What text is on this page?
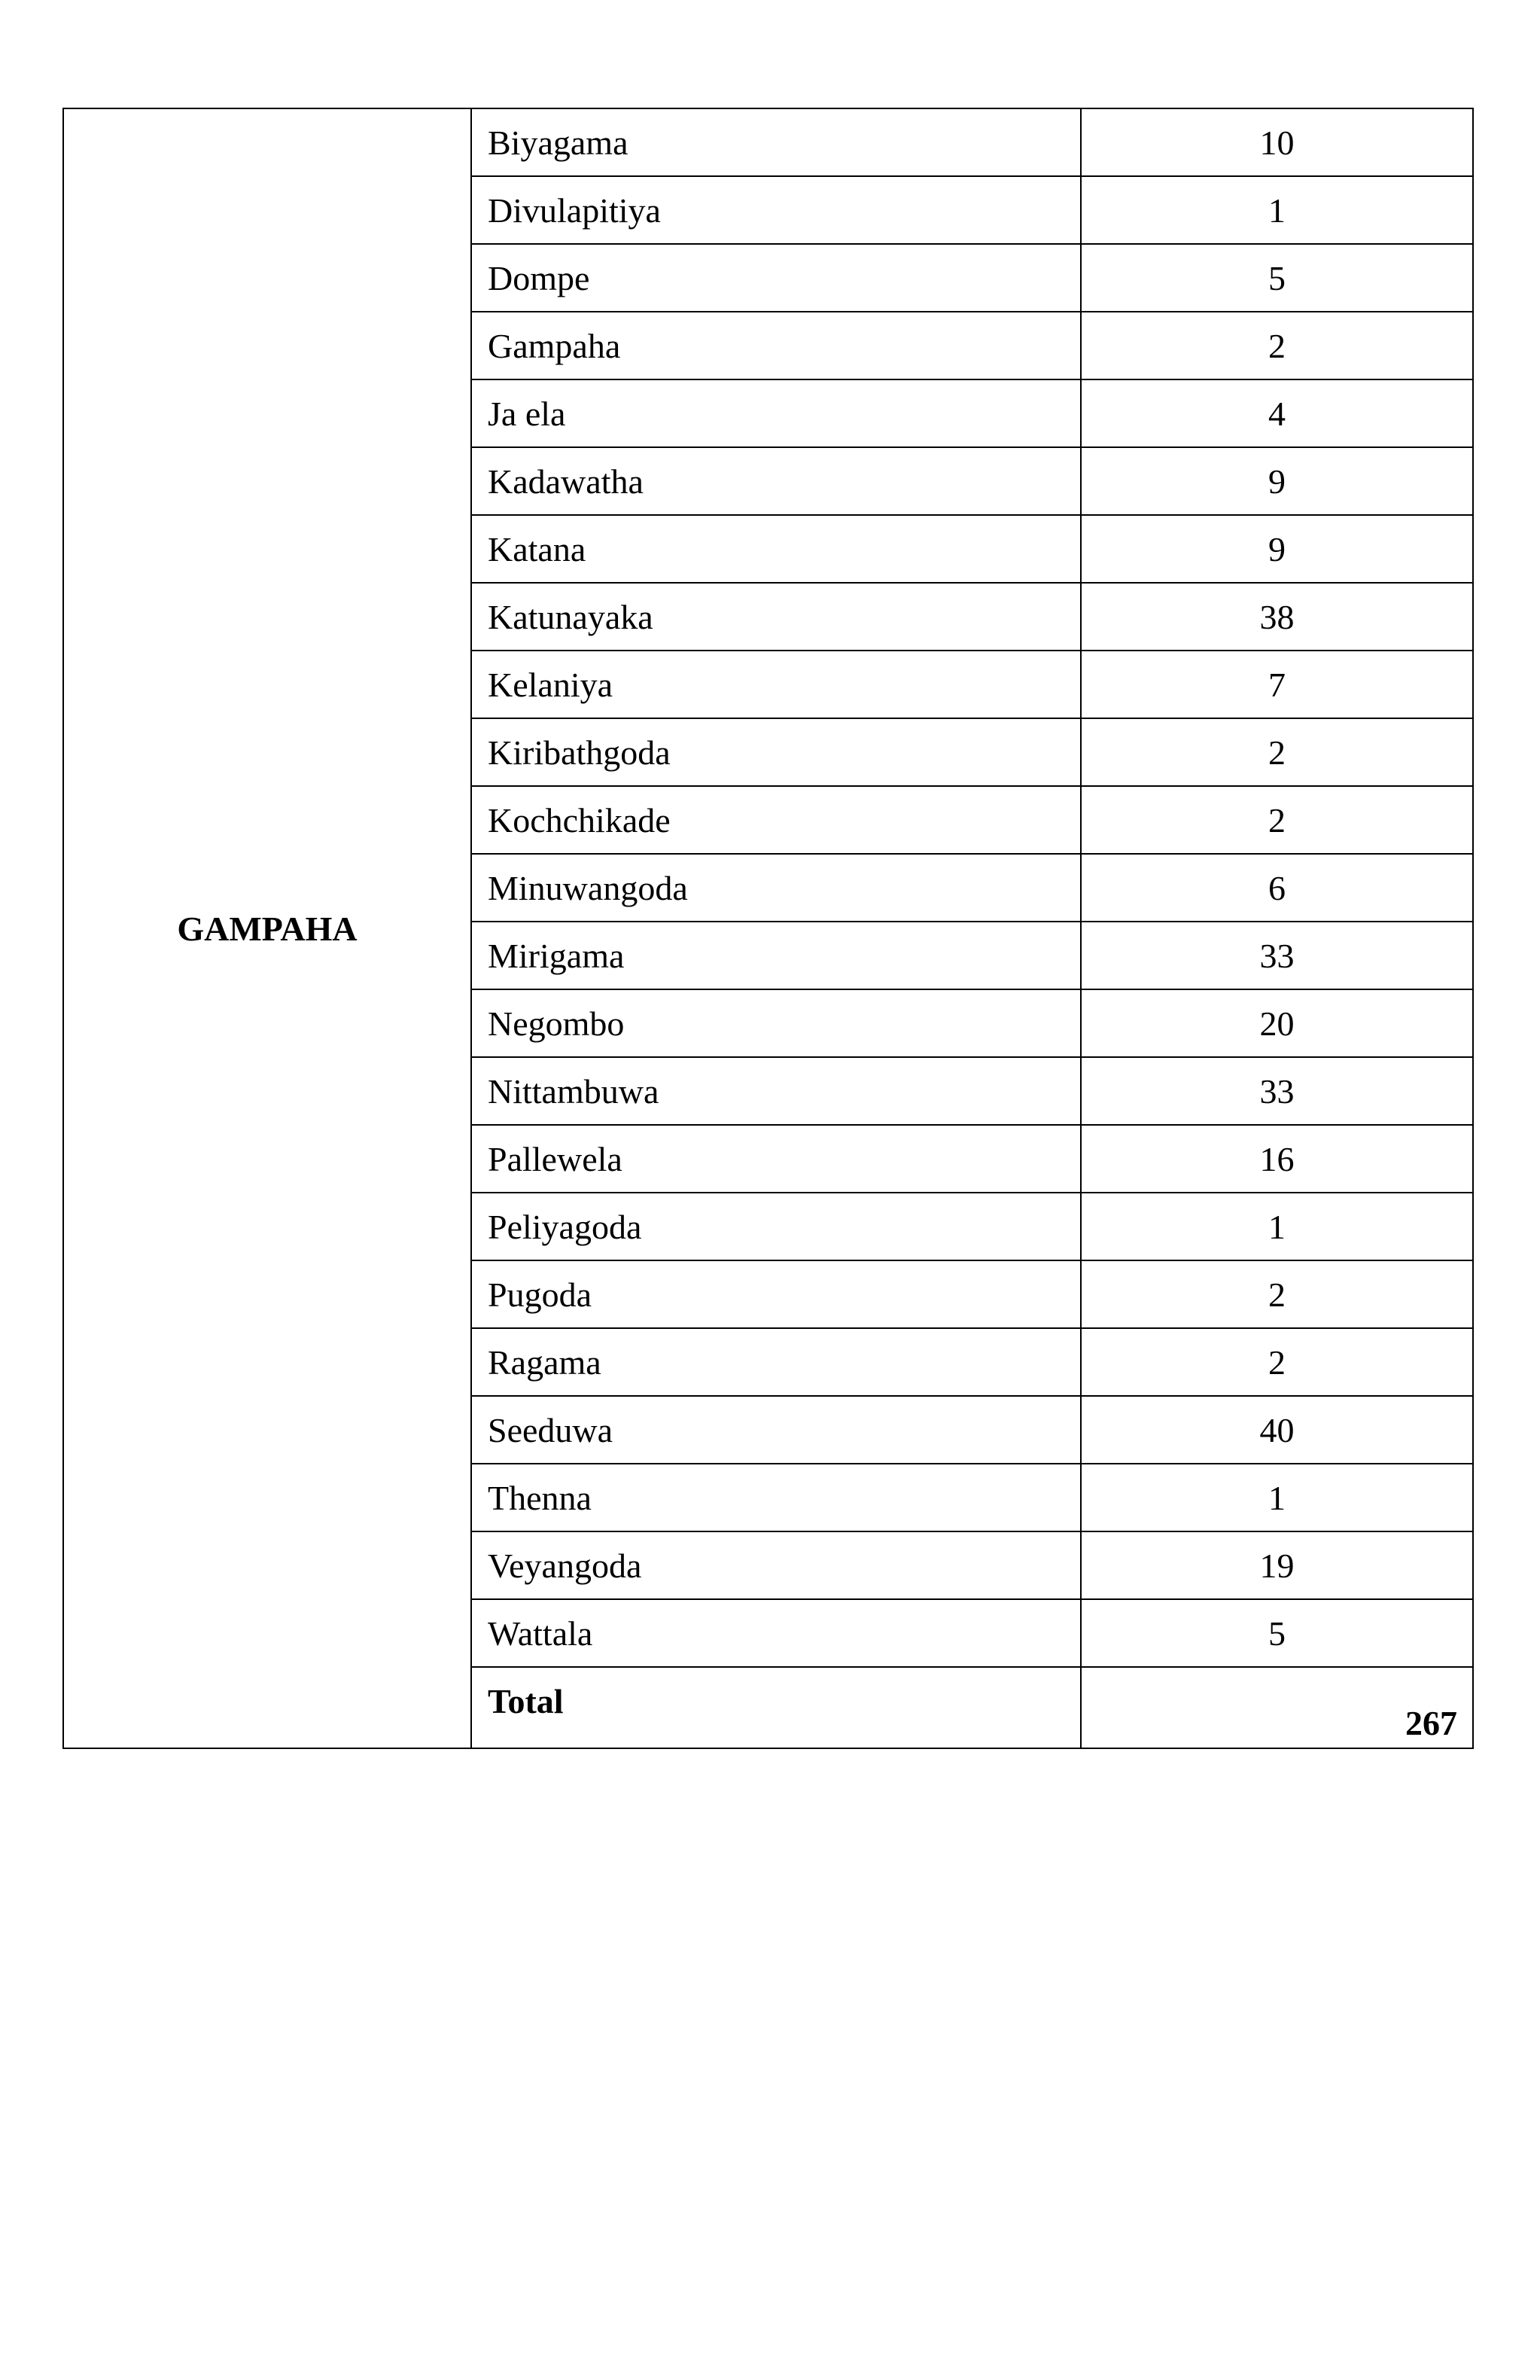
GAMPAHA	Biyagama	10
	Divulapitiya	1
	Dompe	5
	Gampaha	2
	Ja ela	4
	Kadawatha	9
	Katana	9
	Katunayaka	38
	Kelaniya	7
	Kiribathgoda	2
	Kochchikade	2
	Minuwangoda	6
	Mirigama	33
	Negombo	20
	Nittambuwa	33
	Pallewela	16
	Peliyagoda	1
	Pugoda	2
	Ragama	2
	Seeduwa	40
	Thenna	1
	Veyangoda	19
	Wattala	5
	Total	267
